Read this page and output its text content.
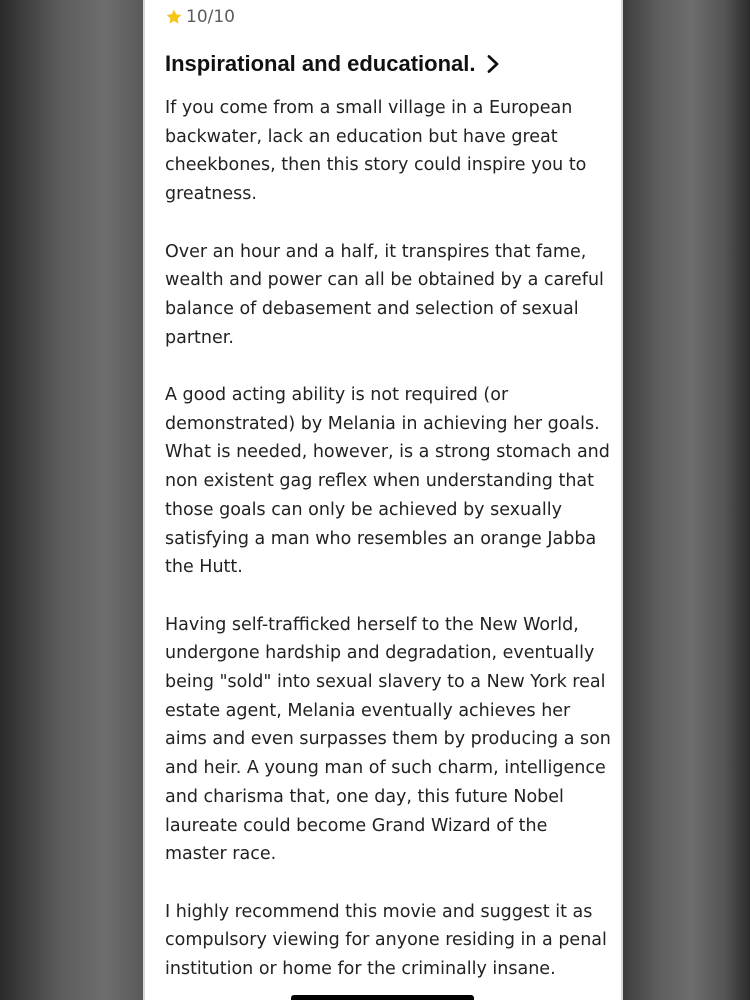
10/10
Inspirational and educational.

If you come from a small village in a European backwater, lack an education but have great cheekbones, then this story could inspire you to greatness.

Over an hour and a half, it transpires that fame, wealth and power can all be obtained by a careful balance of debasement and selection of sexual partner.

A good acting ability is not required (or demonstrated) by Melania in achieving her goals. What is needed, however, is a strong stomach and non existent gag reflex when understanding that those goals can only be achieved by sexually satisfying a man who resembles an orange Jabba the Hutt.

Having self-trafficked herself to the New World, undergone hardship and degradation, eventually being "sold" into sexual slavery to a New York real estate agent, Melania eventually achieves her aims and even surpasses them by producing a son and heir. A young man of such charm, intelligence and charisma that, one day, this future Nobel laureate could become Grand Wizard of the master race.

I highly recommend this movie and suggest it as compulsory viewing for anyone residing in a penal institution or home for the criminally insane.
